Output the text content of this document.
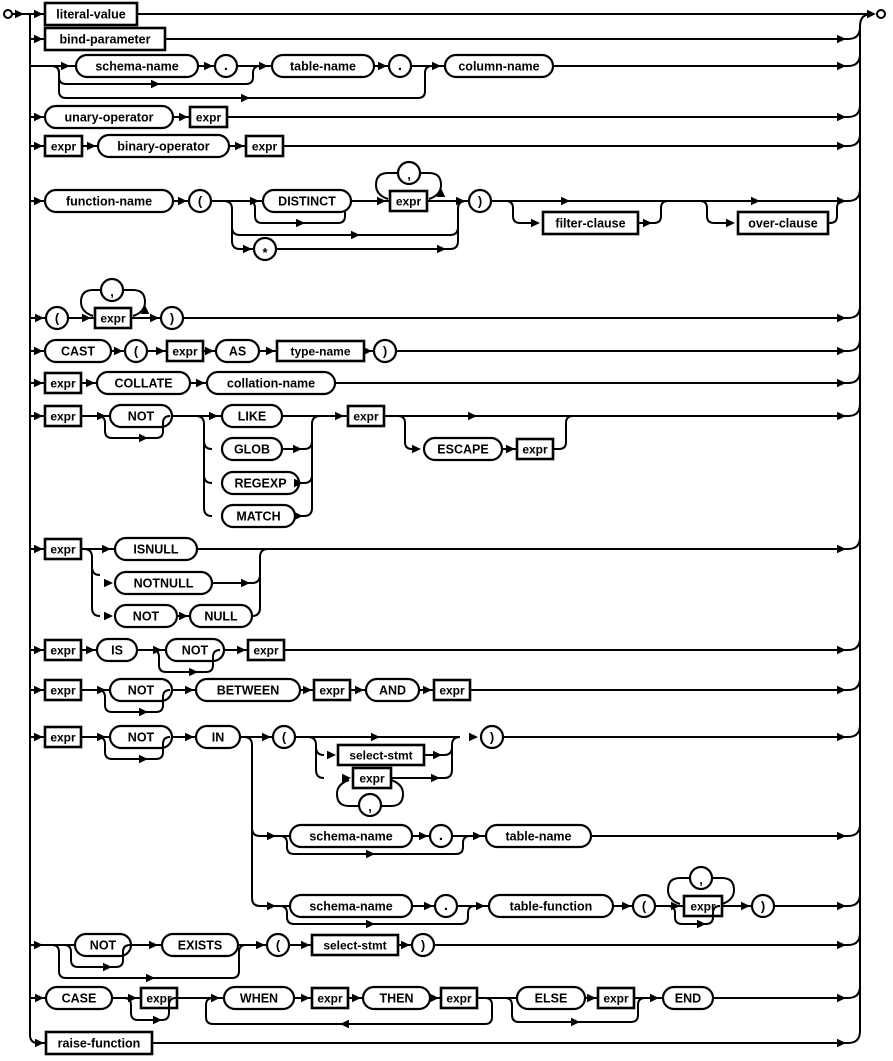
literal-value
bind-parameter
schema-name	.	table-name	.	column-name
unary-operator	expr
expr	binary-operator	expr
function-name	(	DISTINCT	expr
,
*
)
filter-clause	over-clause
(	expr
,
)
CAST	(	expr AS	type-name )
expr	COLLATE	collation-name
expr	NOT	LIKE
GLOB
REGEXP
MATCH
expr
ESCAPE	expr
expr	ISNULL
NOTNULL
NOT	NULL
expr	IS	NOT	expr
expr	NOT	BETWEEN	expr	AND	expr
expr	NOT	IN	(
select-stmt
expr
,
)
schema-name	.	table-name
schema-name	.	table-function	(	expr
,
)
NOT	EXISTS	(	select-stmt	)
CASE	expr	WHEN	expr	THEN	expr	ELSE	expr	END
raise-function
